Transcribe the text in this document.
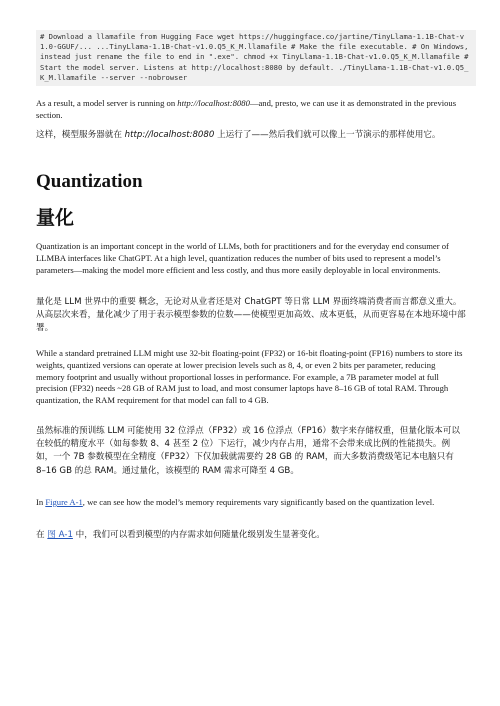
# Download a llamafile from Hugging Face wget https://huggingface.co/jartine/TinyLlama-1.1B-Chat-v1.0-GGUF/... ...TinyLlama-1.1B-Chat-v1.0.Q5_K_M.llamafile # Make the file executable. # On Windows, instead just rename the file to end in ".exe". chmod +x TinyLlama-1.1B-Chat-v1.0.Q5_K_M.llamafile # Start the model server. Listens at http://localhost:8080 by default. ./TinyLlama-1.1B-Chat-v1.0.Q5_K_M.llamafile --server --nobrowser

As a result, a model server is running on http://localhost:8080—and, presto, we can use it as demonstrated in the previous section.

这样，模型服务器就在 http://localhost:8080 上运行了——然后我们就可以像上一节演示的那样使用它。

Quantization
量化

Quantization is an important concept in the world of LLMs, both for practitioners and for the everyday end consumer of LLMBA interfaces like ChatGPT. At a high level, quantization reduces the number of bits used to represent a model’s parameters—making the model more efficient and less costly, and thus more easily deployable in local environments.

量化是 LLM 世界中的重要 概念，无论对从业者还是对 ChatGPT 等日常 LLM 界面终端消费者而言都意义重大。 从高层次来看，量化减少了用于表示模型参数的位数——使模型更加高效、成本更低，从而更容易在本地环境中部署。

While a standard pretrained LLM might use 32-bit floating-point (FP32) or 16-bit floating-point (FP16) numbers to store its weights, quantized versions can operate at lower precision levels such as 8, 4, or even 2 bits per parameter, reducing memory footprint and usually without proportional losses in performance. For example, a 7B parameter model at full precision (FP32) needs ~28 GB of RAM just to load, and most consumer laptops have 8–16 GB of total RAM. Through quantization, the RAM requirement for that model can fall to 4 GB.

虽然标准的预训练 LLM 可能使用 32 位浮点（FP32）或 16 位浮点（FP16）数字来存储权重，但量化版本可以在较低的精度水平（如每参数 8、4 甚至 2 位）下运行，减少内存占用，通常不会带来成比例的性能损失。例如，一个 7B 参数模型在全精度（FP32）下仅加载就需要约 28 GB 的 RAM，而大多数消费级笔记本电脑只有 8–16 GB 的总 RAM。通过量化，该模型的 RAM 需求可降至 4 GB。

In Figure A-1, we can see how the model’s memory requirements vary significantly based on the quantization level.

在 图 A-1 中，我们可以看到模型的内存需求如何随量化级别发生显著变化。
